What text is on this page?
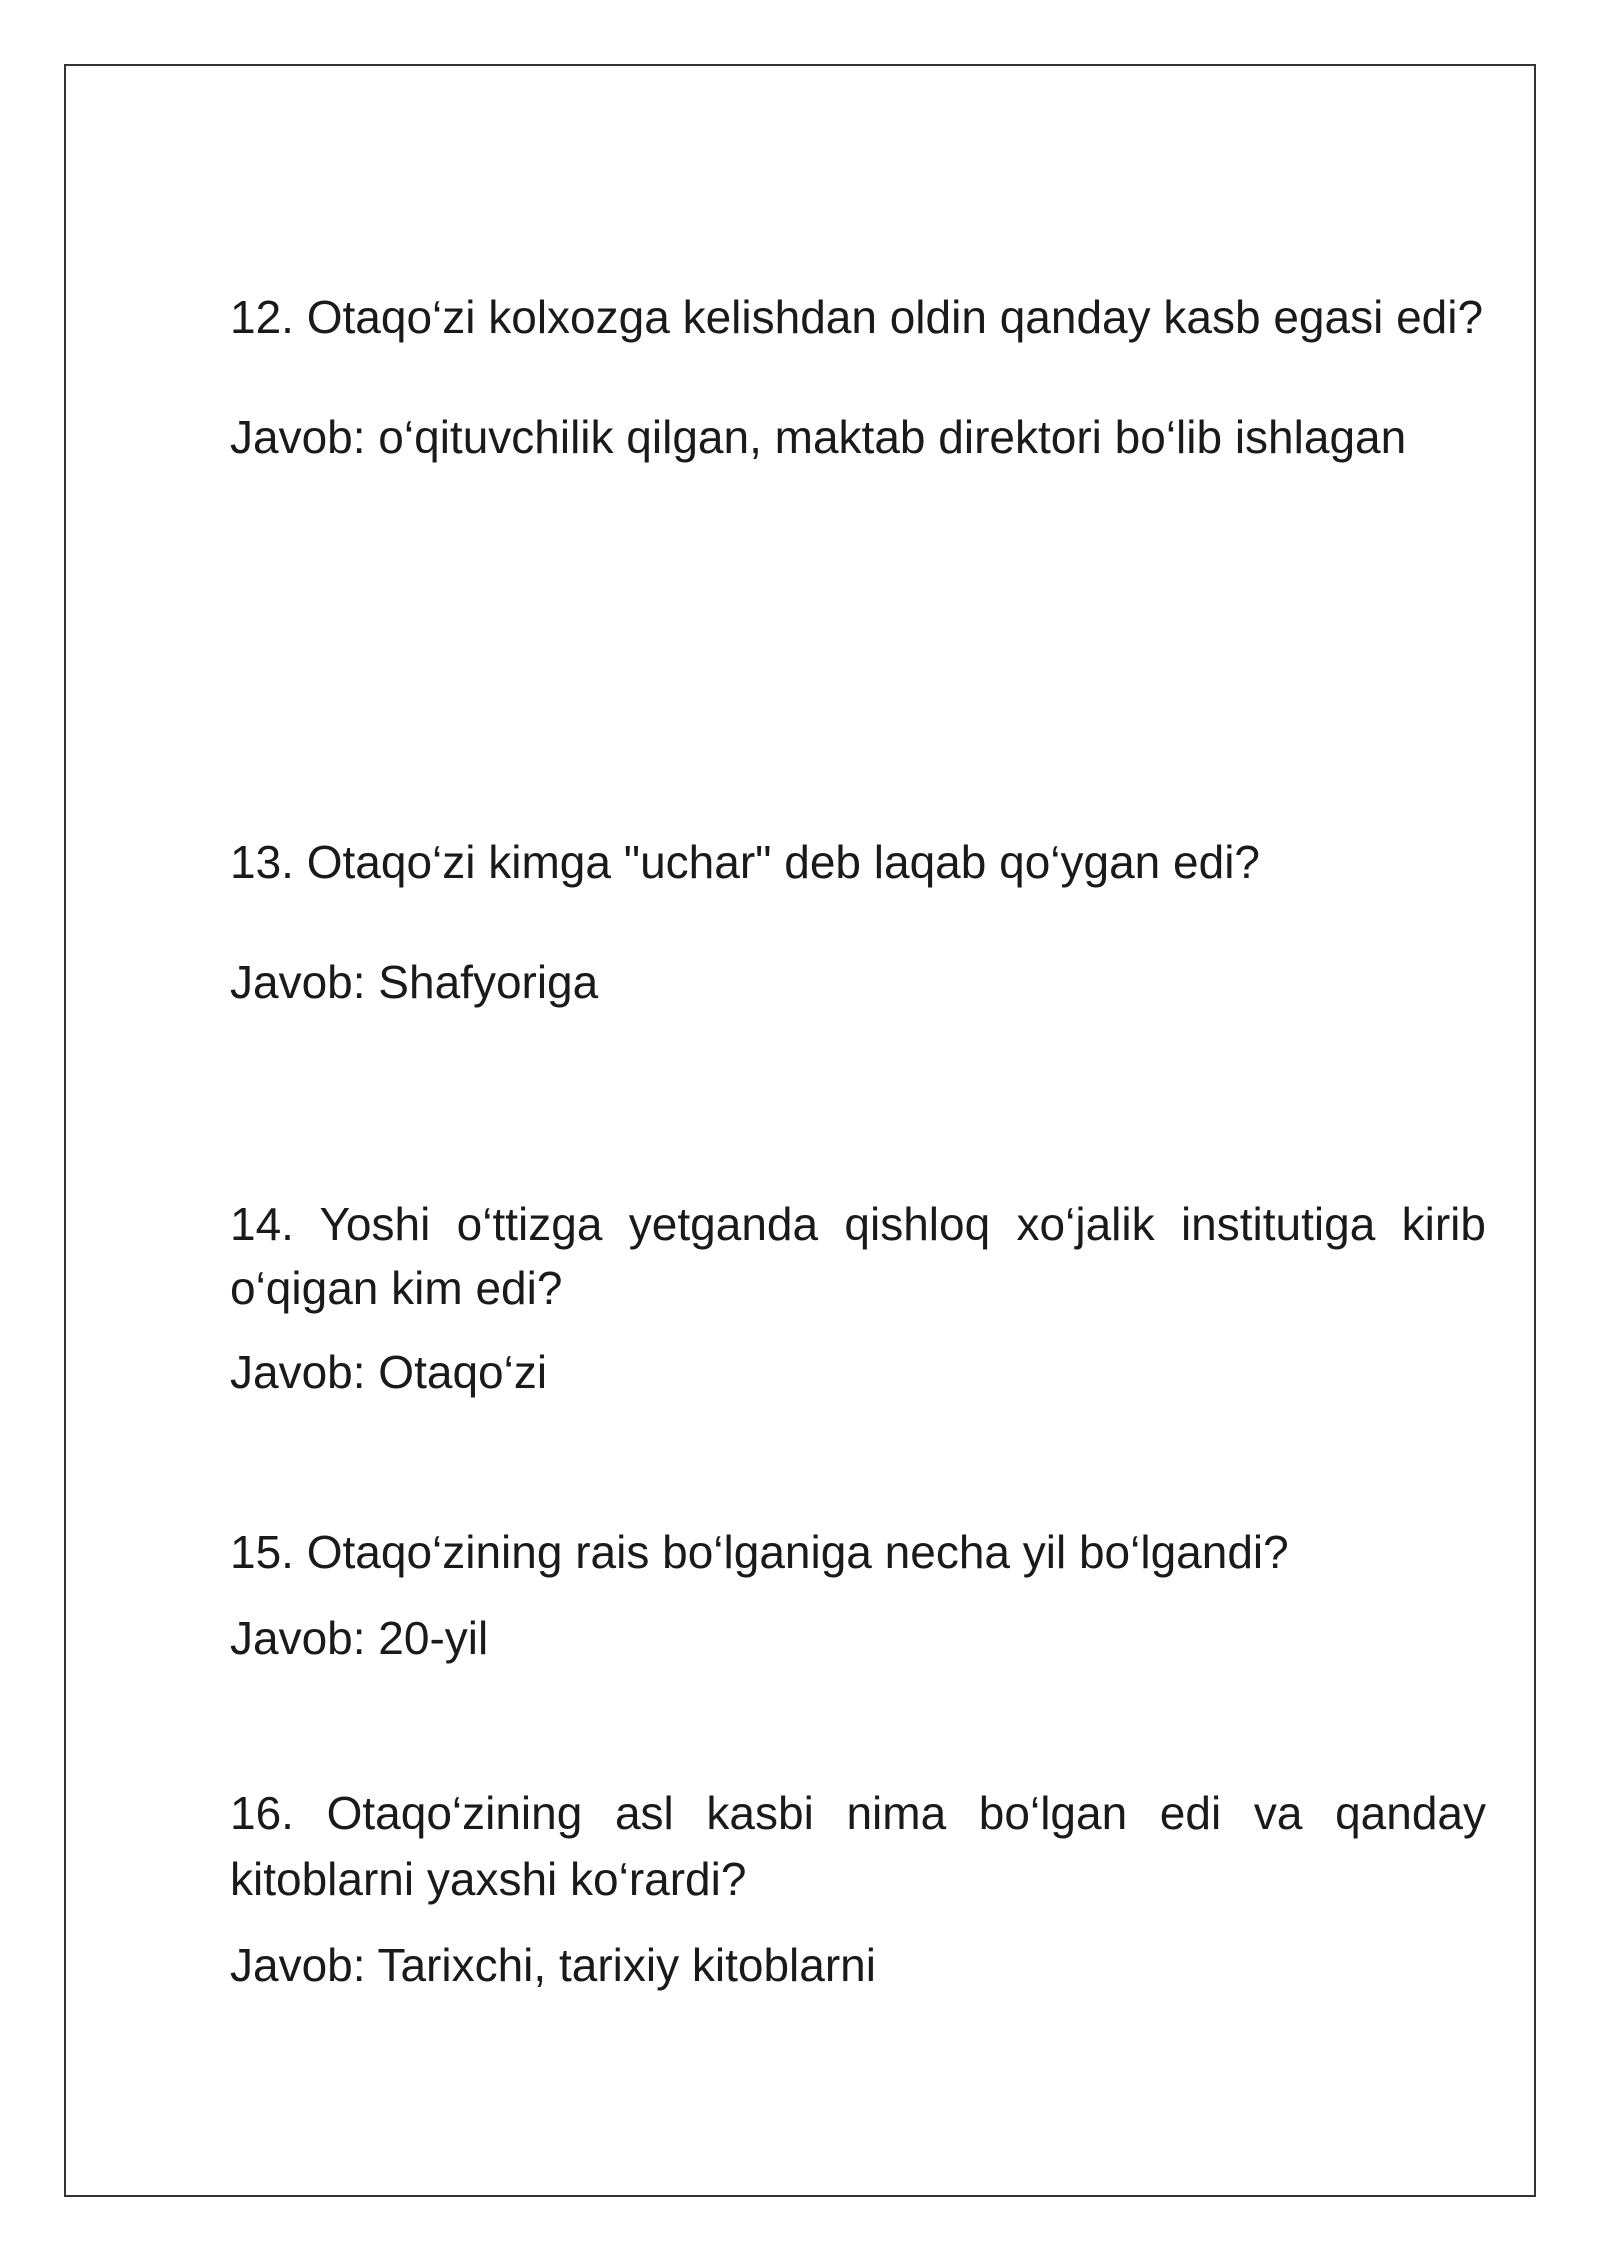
12. Otaqo‘zi kolxozga kelishdan oldin qanday kasb egasi edi?

Javob: o‘qituvchilik qilgan, maktab direktori bo‘lib ishlagan

13. Otaqo‘zi kimga "uchar" deb laqab qo‘ygan edi?

Javob: Shafyoriga

14. Yoshi o‘ttizga yetganda qishloq xo‘jalik institutiga kirib o‘qigan kim edi?

Javob: Otaqo‘zi

15. Otaqo‘zining rais bo‘lganiga necha yil bo‘lgandi?

Javob: 20-yil

16. Otaqo‘zining asl kasbi nima bo‘lgan edi va qanday kitoblarni yaxshi ko‘rardi?

Javob: Tarixchi, tarixiy kitoblarni
